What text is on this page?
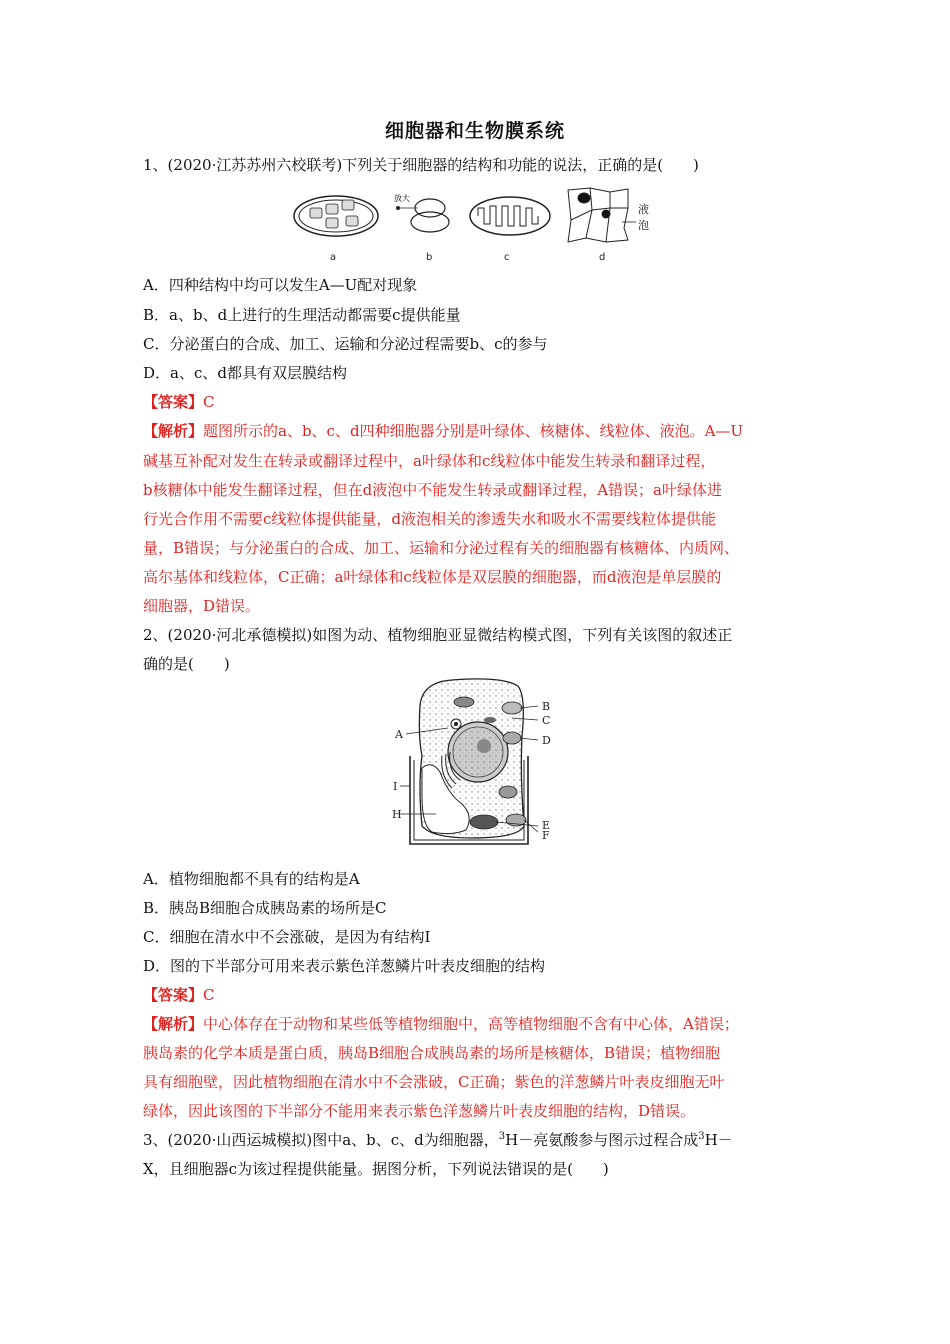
细胞器和生物膜系统
1、(2020·江苏苏州六校联考)下列关于细胞器的结构和功能的说法，正确的是(　　)
放大
液
泡
a	b	c	d
A．四种结构中均可以发生A—U配对现象
B．a、b、d上进行的生理活动都需要c提供能量
C．分泌蛋白的合成、加工、运输和分泌过程需要b、c的参与
D．a、c、d都具有双层膜结构
【答案】C
【解析】题图所示的a、b、c、d四种细胞器分别是叶绿体、核糖体、线粒体、液泡。A—U
碱基互补配对发生在转录或翻译过程中，a叶绿体和c线粒体中能发生转录和翻译过程，
b核糖体中能发生翻译过程，但在d液泡中不能发生转录或翻译过程，A错误；a叶绿体进
行光合作用不需要c线粒体提供能量，d液泡相关的渗透失水和吸水不需要线粒体提供能
量，B错误；与分泌蛋白的合成、加工、运输和分泌过程有关的细胞器有核糖体、内质网、
高尔基体和线粒体，C正确；a叶绿体和c线粒体是双层膜的细胞器，而d液泡是单层膜的
细胞器，D错误。
2、(2020·河北承德模拟)如图为动、植物细胞亚显微结构模式图，下列有关该图的叙述正
确的是(　　)
A
B
C
D
E
F
H
I
A．植物细胞都不具有的结构是A
B．胰岛B细胞合成胰岛素的场所是C
C．细胞在清水中不会涨破，是因为有结构I
D．图的下半部分可用来表示紫色洋葱鳞片叶表皮细胞的结构
【答案】C
【解析】中心体存在于动物和某些低等植物细胞中，高等植物细胞不含有中心体，A错误；
胰岛素的化学本质是蛋白质，胰岛B细胞合成胰岛素的场所是核糖体，B错误；植物细胞
具有细胞壁，因此植物细胞在清水中不会涨破，C正确；紫色的洋葱鳞片叶表皮细胞无叶
绿体，因此该图的下半部分不能用来表示紫色洋葱鳞片叶表皮细胞的结构，D错误。
3、(2020·山西运城模拟)图中a、b、c、d为细胞器，$^3$H－亮氨酸参与图示过程合成$^3$H－
X，且细胞器c为该过程提供能量。据图分析，下列说法错误的是(　　)
